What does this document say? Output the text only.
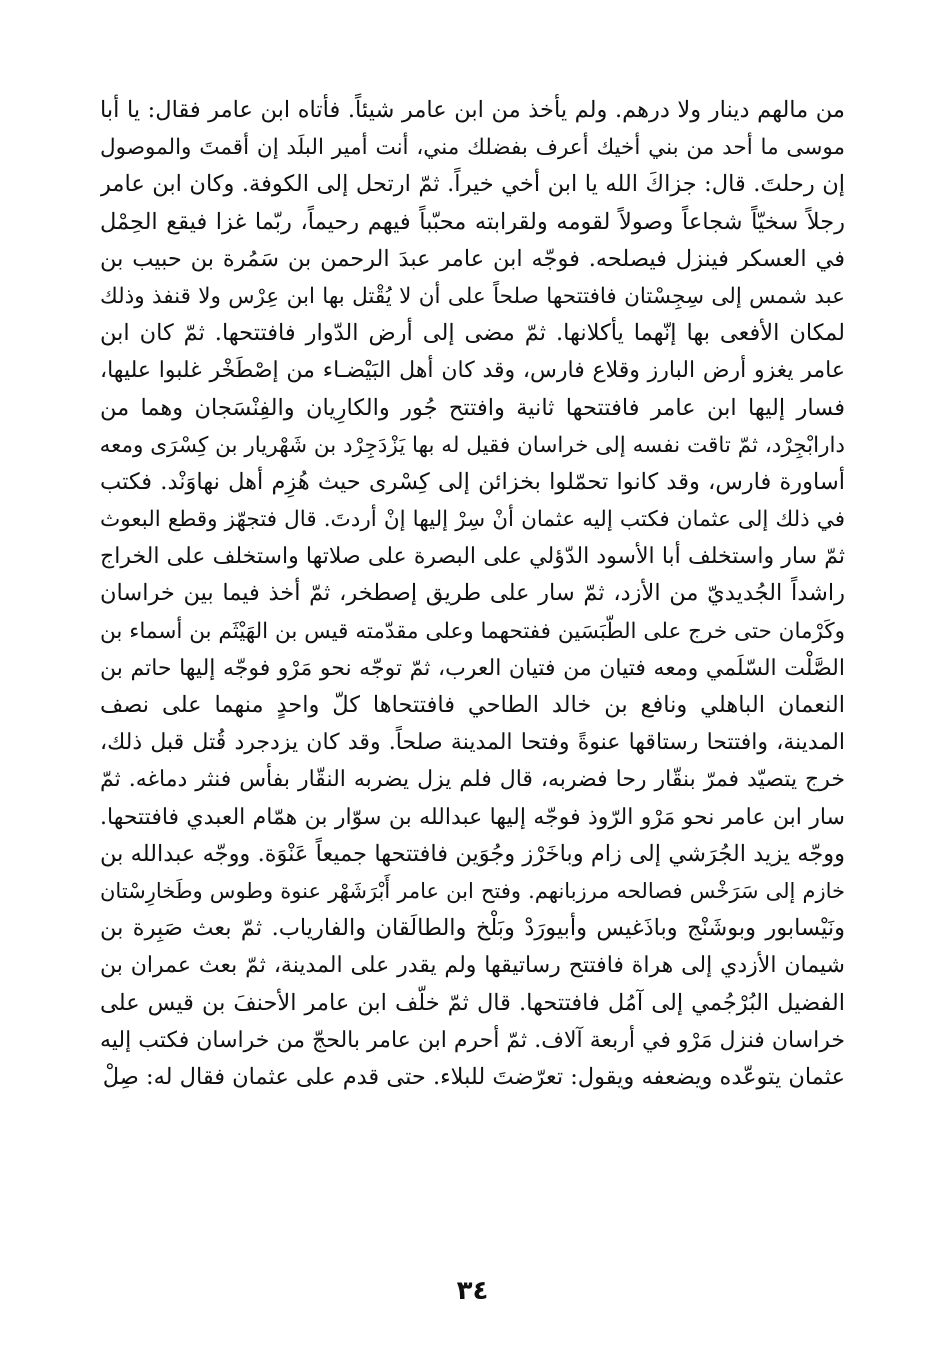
من مالهم دينار ولا درهم. ولم يأخذ من ابن عامر شيئاً. فأتاه ابن عامر فقال: يا أبا
موسى ما أحد من بني أخيك أعرف بفضلك مني، أنت أمير البلَد إن أقمتَ والموصول
إن رحلتَ. قال: جزاكَ الله يا ابن أخي خيراً. ثمّ ارتحل إلى الكوفة. وكان ابن عامر
رجلاً سخيّاً شجاعاً وصولاً لقومه ولقرابته محبّباً فيهم رحيماً، ربّما غزا فيقع الحِمْل
في العسكر فينزل فيصلحه. فوجّه ابن عامر عبدَ الرحمن بن سَمُرة بن حبيب بن
عبد شمس إلى سِجِسْتان فافتتحها صلحاً على أن لا يُقْتل بها ابن عِرْس ولا قنفذ وذلك
لمكان الأفعى بها إنّهما يأكلانها. ثمّ مضى إلى أرض الدّوار فافتتحها. ثمّ كان ابن
عامر يغزو أرض البارز وقلاع فارس، وقد كان أهل البَيْضـاء من إصْطَخْر غلبوا عليها،
فسار إليها ابن عامر فافتتحها ثانية وافتتح جُور والكارِيان والفِنْسَجان وهما من
دارابْجِرْد، ثمّ تاقت نفسه إلى خراسان فقيل له بها يَزْدَجِرْد بن شَهْريار بن كِسْرَى ومعه
أساورة فارس، وقد كانوا تحمّلوا بخزائن إلى كِسْرى حيث هُزِم أهل نهاوَنْد. فكتب
في ذلك إلى عثمان فكتب إليه عثمان أنْ سِرْ إليها إنْ أردتَ. قال فتجهّز وقطع البعوث
ثمّ سار واستخلف أبا الأسود الدّؤلي على البصرة على صلاتها واستخلف على الخراج
راشداً الجُديديّ من الأزد، ثمّ سار على طريق إصطخر، ثمّ أخذ فيما بين خراسان
وكَرْمان حتى خرج على الطّبَسَين ففتحهما وعلى مقدّمته قيس بن الهَيْثَم بن أسماء بن
الصَّلْت السّلَمي ومعه فتيان من فتيان العرب، ثمّ توجّه نحو مَرْو فوجّه إليها حاتم بن
النعمان الباهلي ونافع بن خالد الطاحي فافتتحاها كلّ واحدٍ منهما على نصف
المدينة، وافتتحا رستاقها عنوةً وفتحا المدينة صلحاً. وقد كان يزدجرد قُتل قبل ذلك،
خرج يتصيّد فمرّ بنقّار رحا فضربه، قال فلم يزل يضربه النقّار بفأس فنثر دماغه. ثمّ
سار ابن عامر نحو مَرْو الرّوذ فوجّه إليها عبدالله بن سوّار بن همّام العبدي فافتتحها.
ووجّه يزيد الجُرَشي إلى زام وباخَرْز وجُوَين فافتتحها جميعاً عَنْوَة. ووجّه عبدالله بن
خازم إلى سَرَخْس فصالحه مرزبانهم. وفتح ابن عامر أَبْرَشَهْر عنوة وطوس وطَخارِسْتان
ونَيْسابور وبوشَنْج وباذَغيس وأبيورَدْ وبَلْخ والطالَقان والفارياب. ثمّ بعث صَبِرة بن
شيمان الأزدي إلى هراة فافتتح رساتيقها ولم يقدر على المدينة، ثمّ بعث عمران بن
الفضيل البُرْجُمي إلى آمُل فافتتحها. قال ثمّ خلّف ابن عامر الأحنفَ بن قيس على
خراسان فنزل مَرْو في أربعة آلاف. ثمّ أحرم ابن عامر بالحجّ من خراسان فكتب إليه
عثمان يتوعّده ويضعفه ويقول: تعرّضتَ للبلاء. حتى قدم على عثمان فقال له: صِلْ
٣٤
